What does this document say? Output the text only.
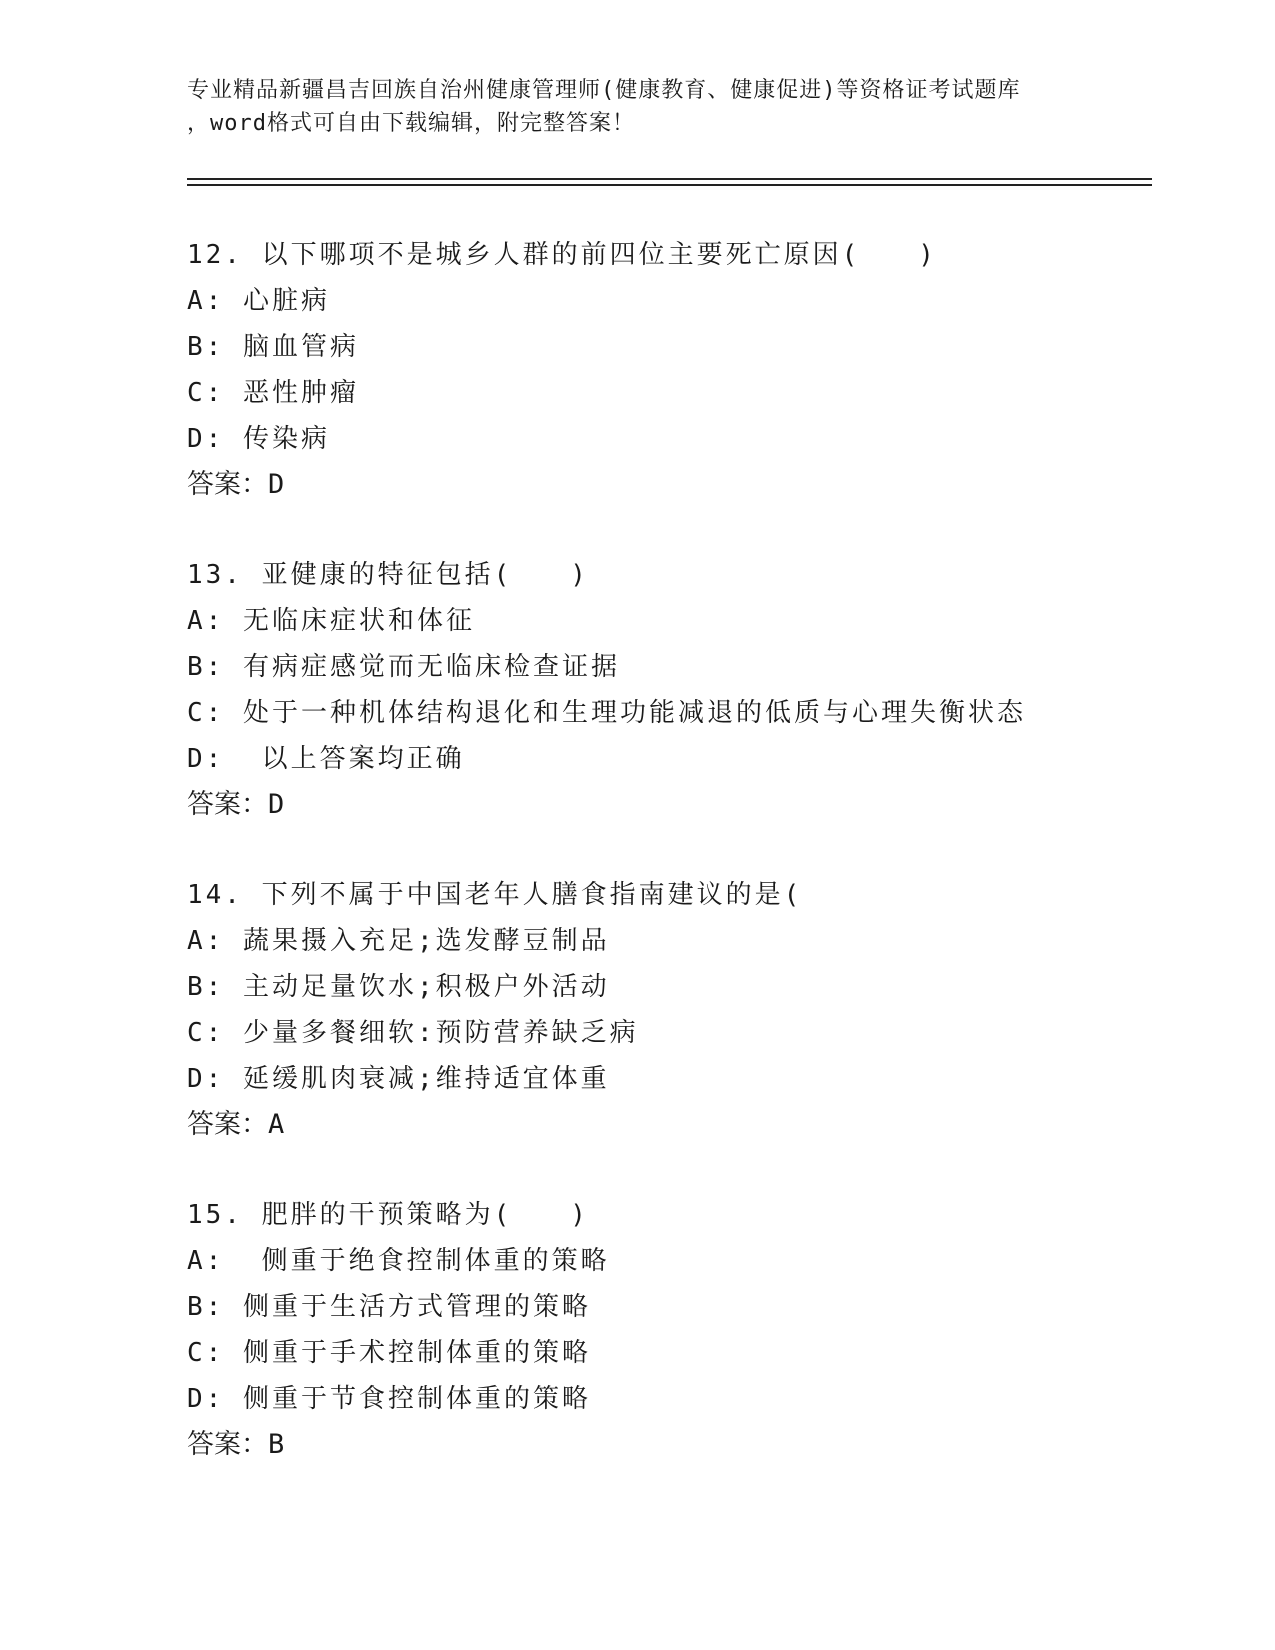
专业精品新疆昌吉回族自治州健康管理师(健康教育、健康促进)等资格证考试题库
，word格式可自由下载编辑，附完整答案！
12. 以下哪项不是城乡人群的前四位主要死亡原因(　　)
A: 心脏病
B: 脑血管病
C: 恶性肿瘤
D: 传染病
答案：D
13. 亚健康的特征包括(　　)
A: 无临床症状和体征
B: 有病症感觉而无临床检查证据
C: 处于一种机体结构退化和生理功能减退的低质与心理失衡状态
D:  以上答案均正确
答案：D
14. 下列不属于中国老年人膳食指南建议的是(
A: 蔬果摄入充足;选发酵豆制品
B: 主动足量饮水;积极户外活动
C: 少量多餐细软:预防营养缺乏病
D: 延缓肌肉衰减;维持适宜体重
答案：A
15. 肥胖的干预策略为(　　)
A:  侧重于绝食控制体重的策略
B: 侧重于生活方式管理的策略
C: 侧重于手术控制体重的策略
D: 侧重于节食控制体重的策略
答案：B
